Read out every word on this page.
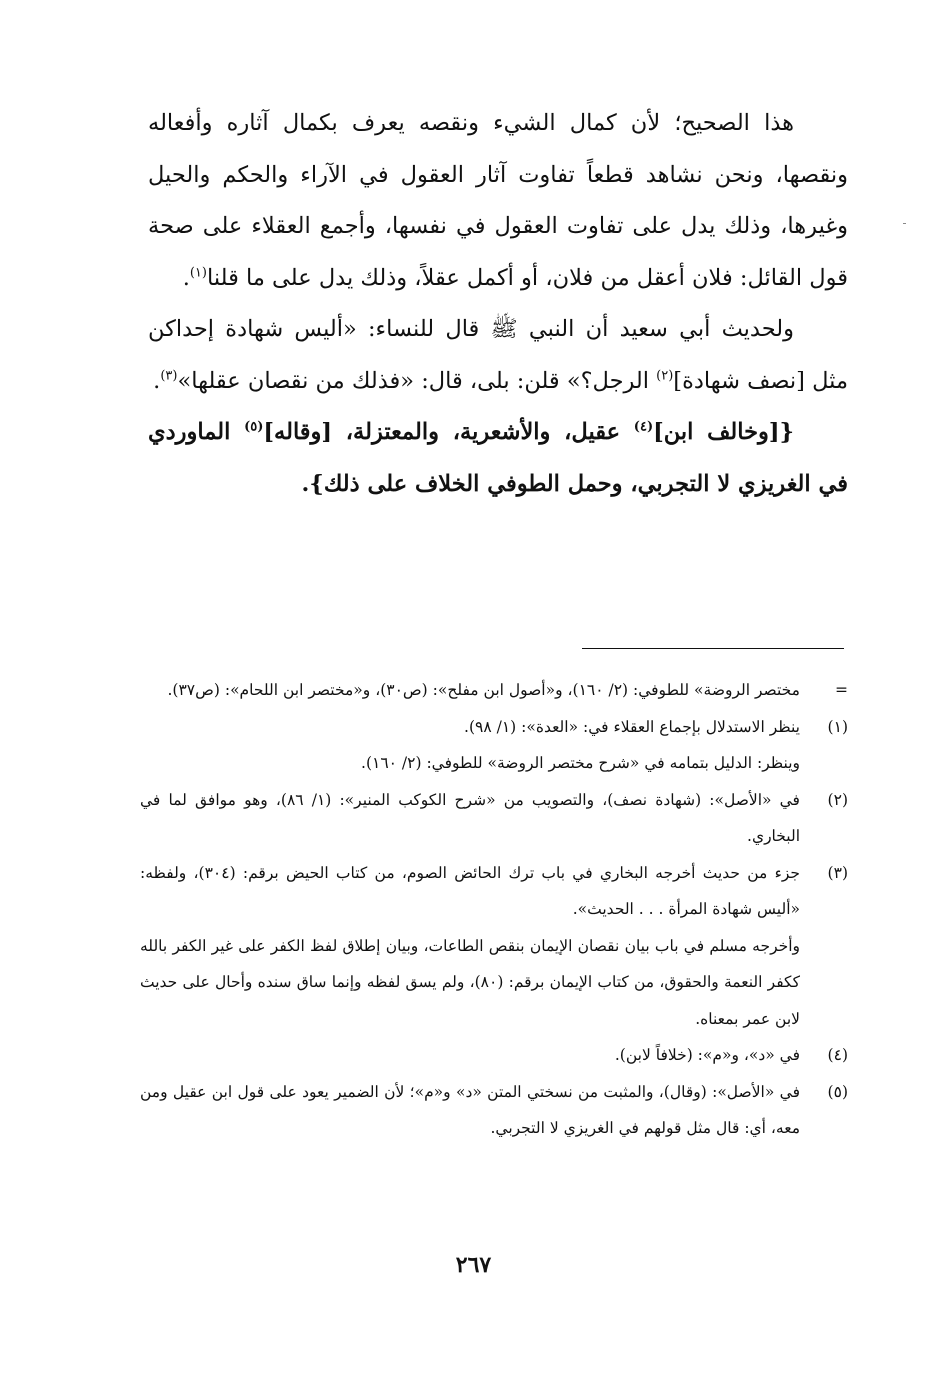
هذا الصحيح؛ لأن كمال الشيء ونقصه يعرف بكمال آثاره وأفعاله ونقصها، ونحن نشاهد قطعاً تفاوت آثار العقول في الآراء والحكم والحيل وغيرها، وذلك يدل على تفاوت العقول في نفسها، وأجمع العقلاء على صحة قول القائل: فلان أعقل من فلان، أو أكمل عقلاً، وذلك يدل على ما قلنا$^{(١)}$.

ولحديث أبي سعيد أن النبي ﷺ قال للنساء: «أليس شهادة إحداكن مثل [نصف شهادة]$^{(٢)}$ الرجل؟» قلن: بلى، قال: «فذلك من نقصان عقلها»$^{(٣)}$.

{[وخالف ابن]$^{(٤)}$ عقيل، والأشعرية، والمعتزلة، [وقاله]$^{(٥)}$ الماوردي في الغريزي لا التجربي، وحمل الطوفي الخلاف على ذلك}.

=
مختصر الروضة» للطوفي: (٢/ ١٦٠)، و«أصول ابن مفلح»: (ص٣٠)، و«مختصر ابن اللحام»: (ص٣٧).
(١)
ينظر الاستدلال بإجماع العقلاء في: «العدة»: (١/ ٩٨).
وينظر: الدليل بتمامه في «شرح مختصر الروضة» للطوفي: (٢/ ١٦٠).
(٢)
في «الأصل»: (شهادة نصف)، والتصويب من «شرح الكوكب المنير»: (١/ ٨٦)، وهو موافق لما في البخاري.
(٣)
جزء من حديث أخرجه البخاري في باب ترك الحائض الصوم، من كتاب الحيض برقم: (٣٠٤)، ولفظه: «أليس شهادة المرأة . . . الحديث».
وأخرجه مسلم في باب بيان نقصان الإيمان بنقص الطاعات، وبيان إطلاق لفظ الكفر على غير الكفر بالله ككفر النعمة والحقوق، من كتاب الإيمان برقم: (٨٠)، ولم يسق لفظه وإنما ساق سنده وأحال على حديث لابن عمر بمعناه.
(٤)
في «د»، و«م»: (خلافاً لابن).
(٥)
في «الأصل»: (وقال)، والمثبت من نسختي المتن «د» و«م»؛ لأن الضمير يعود على قول ابن عقيل ومن معه، أي: قال مثل قولهم في الغريزي لا التجربي.
٢٦٧
